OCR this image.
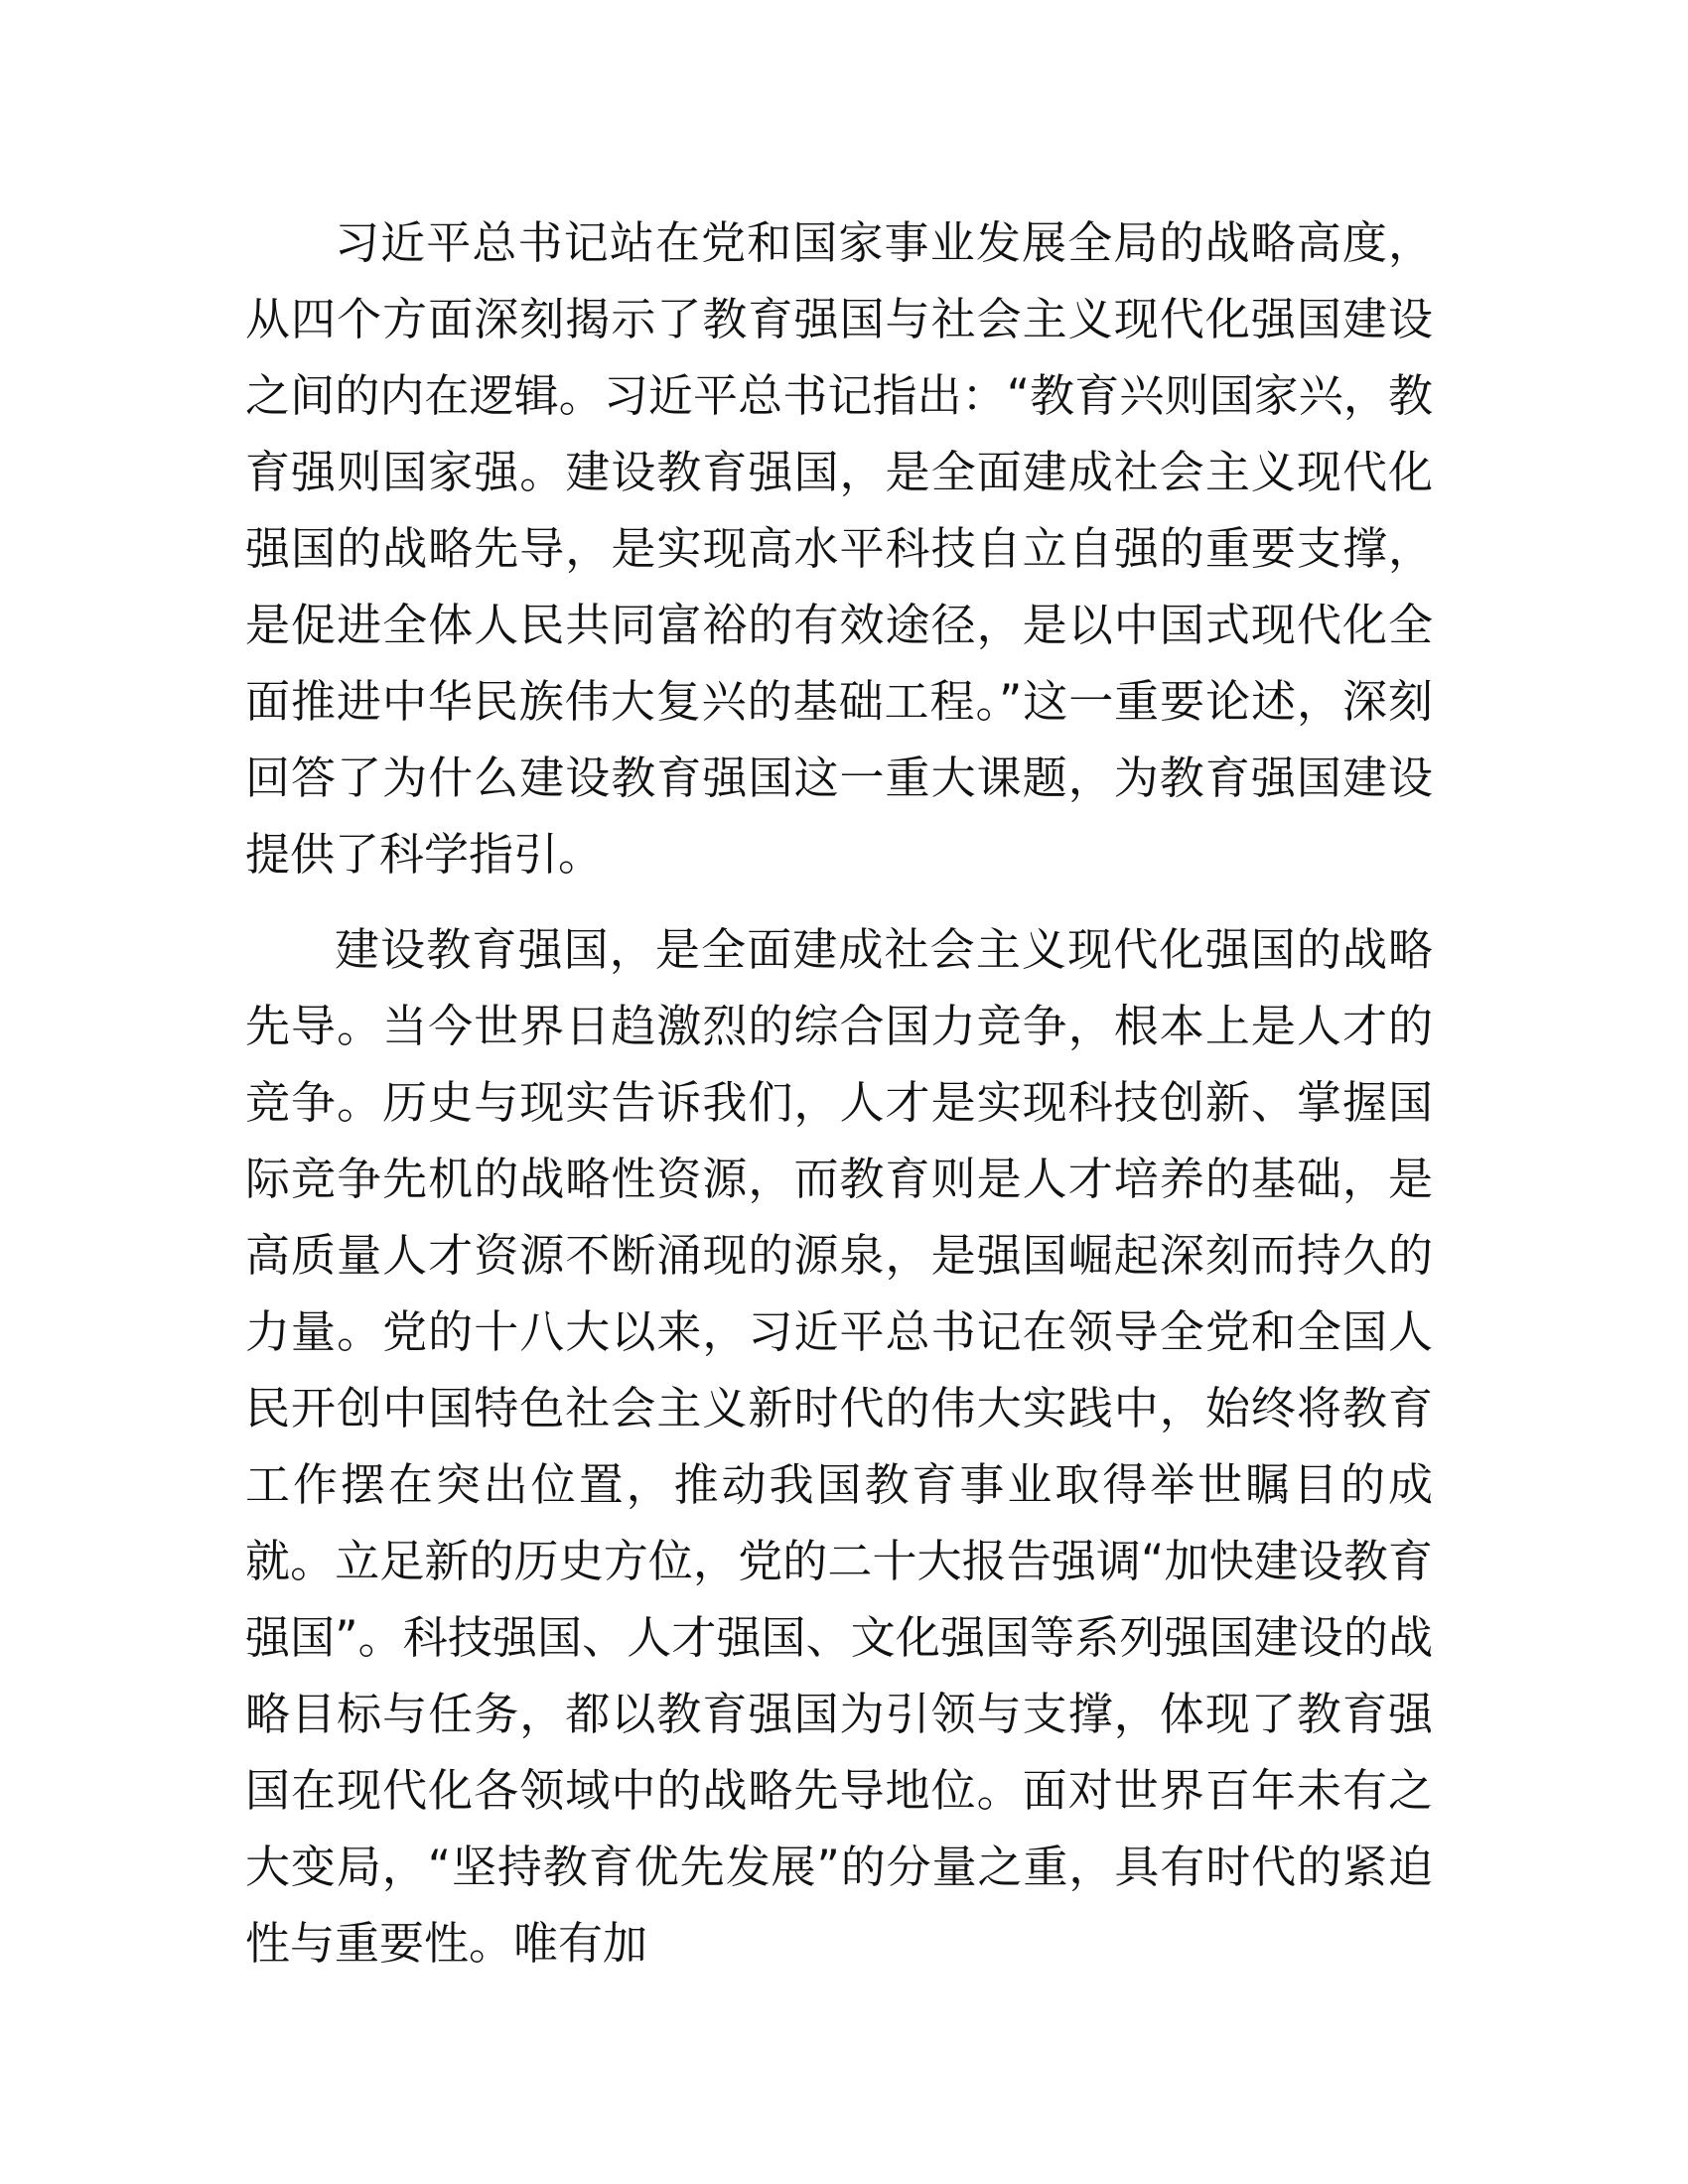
习近平总书记站在党和国家事业发展全局的战略高度，从四个方面深刻揭示了教育强国与社会主义现代化强国建设之间的内在逻辑。习近平总书记指出：“教育兴则国家兴，教育强则国家强。建设教育强国，是全面建成社会主义现代化强国的战略先导，是实现高水平科技自立自强的重要支撑，是促进全体人民共同富裕的有效途径，是以中国式现代化全面推进中华民族伟大复兴的基础工程。”这一重要论述，深刻回答了为什么建设教育强国这一重大课题，为教育强国建设提供了科学指引。

建设教育强国，是全面建成社会主义现代化强国的战略先导。当今世界日趋激烈的综合国力竞争，根本上是人才的竞争。历史与现实告诉我们，人才是实现科技创新、掌握国际竞争先机的战略性资源，而教育则是人才培养的基础，是高质量人才资源不断涌现的源泉，是强国崛起深刻而持久的力量。党的十八大以来，习近平总书记在领导全党和全国人民开创中国特色社会主义新时代的伟大实践中，始终将教育工作摆在突出位置，推动我国教育事业取得举世瞩目的成就。立足新的历史方位，党的二十大报告强调“加快建设教育强国”。科技强国、人才强国、文化强国等系列强国建设的战略目标与任务，都以教育强国为引领与支撑，体现了教育强国在现代化各领域中的战略先导地位。面对世界百年未有之大变局，“坚持教育优先发展”的分量之重，具有时代的紧迫性与重要性。唯有加
